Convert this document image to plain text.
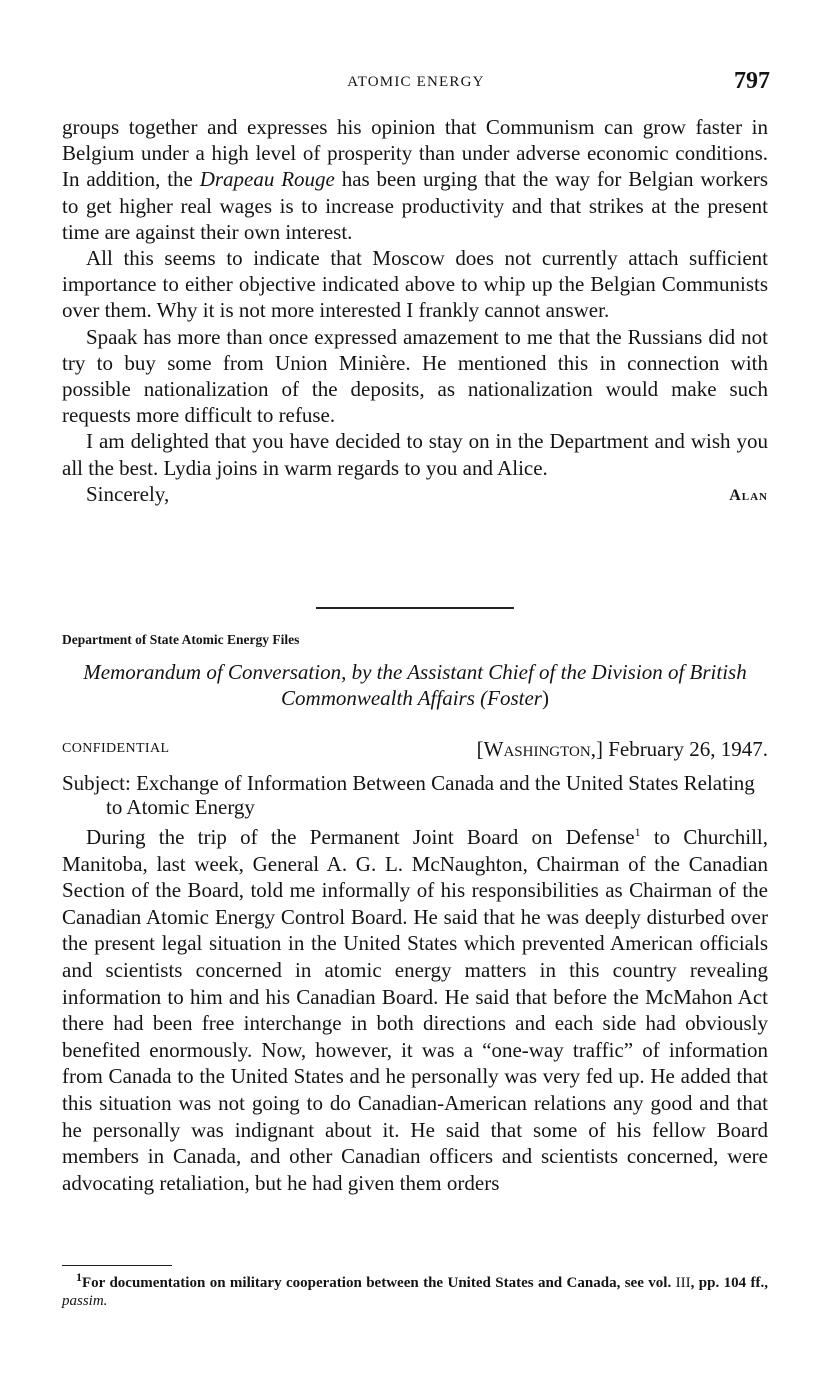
ATOMIC ENERGY	797

groups together and expresses his opinion that Communism can grow faster in Belgium under a high level of prosperity than under adverse economic conditions. In addition, the Drapeau Rouge has been urging that the way for Belgian workers to get higher real wages is to increase productivity and that strikes at the present time are against their own interest.

All this seems to indicate that Moscow does not currently attach sufficient importance to either objective indicated above to whip up the Belgian Communists over them. Why it is not more interested I frankly cannot answer.

Spaak has more than once expressed amazement to me that the Russians did not try to buy some from Union Minière. He mentioned this in connection with possible nationalization of the deposits, as nationalization would make such requests more difficult to refuse.

I am delighted that you have decided to stay on in the Department and wish you all the best. Lydia joins in warm regards to you and Alice.

Sincerely,	Alan
Department of State Atomic Energy Files
Memorandum of Conversation, by the Assistant Chief of the Division of British Commonwealth Affairs (Foster)
CONFIDENTIAL	[Washington,] February 26, 1947.
Subject: Exchange of Information Between Canada and the United States Relating to Atomic Energy

During the trip of the Permanent Joint Board on Defense$^1$ to Churchill, Manitoba, last week, General A. G. L. McNaughton, Chairman of the Canadian Section of the Board, told me informally of his responsibilities as Chairman of the Canadian Atomic Energy Control Board. He said that he was deeply disturbed over the present legal situation in the United States which prevented American officials and scientists concerned in atomic energy matters in this country revealing information to him and his Canadian Board. He said that before the McMahon Act there had been free interchange in both directions and each side had obviously benefited enormously. Now, however, it was a “one-way traffic” of information from Canada to the United States and he personally was very fed up. He added that this situation was not going to do Canadian-American relations any good and that he personally was indignant about it. He said that some of his fellow Board members in Canada, and other Canadian officers and scientists concerned, were advocating retaliation, but he had given them orders

$^1$For documentation on military cooperation between the United States and Canada, see vol. III, pp. 104 ff., passim.
